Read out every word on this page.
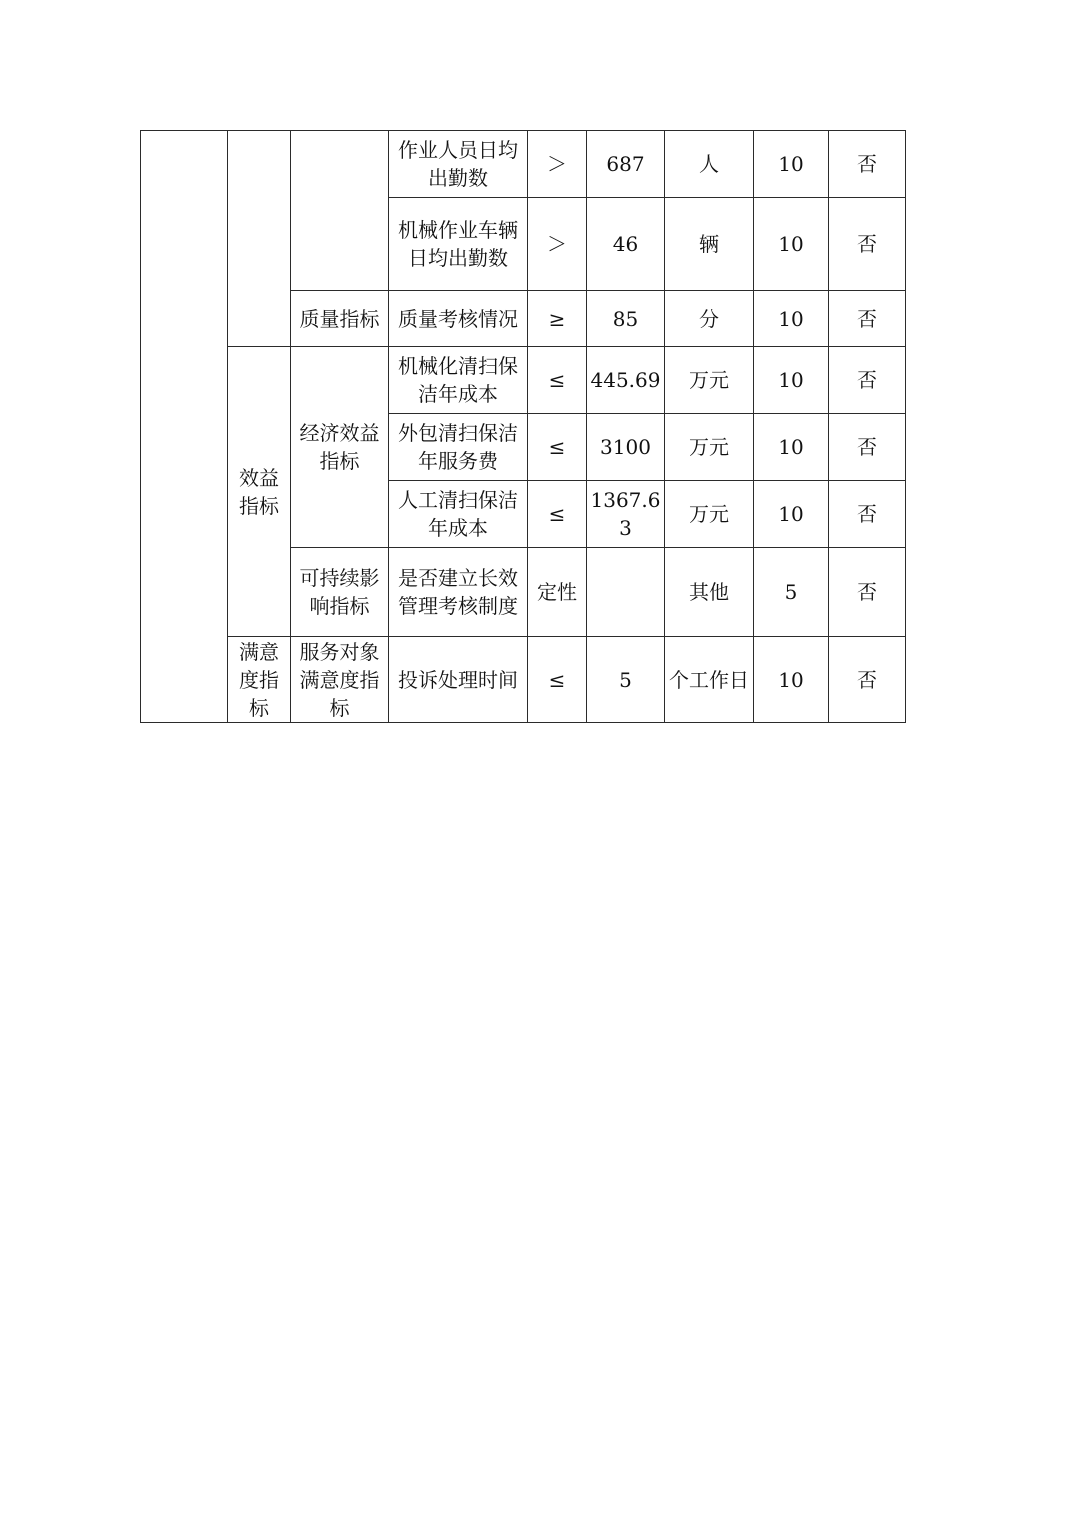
			作业人员日均出勤数	＞	687	人	10	否
			机械作业车辆日均出勤数	＞	46	辆	10	否
		质量指标	质量考核情况	≥	85	分	10	否
	效益指标	经济效益指标	机械化清扫保洁年成本	≤	445.69	万元	10	否
			外包清扫保洁年服务费	≤	3100	万元	10	否
			人工清扫保洁年成本	≤	1367.63	万元	10	否
		可持续影响指标	是否建立长效管理考核制度	定性		其他	5	否
	满意度指标	服务对象满意度指标	投诉处理时间	≤	5	个工作日	10	否
